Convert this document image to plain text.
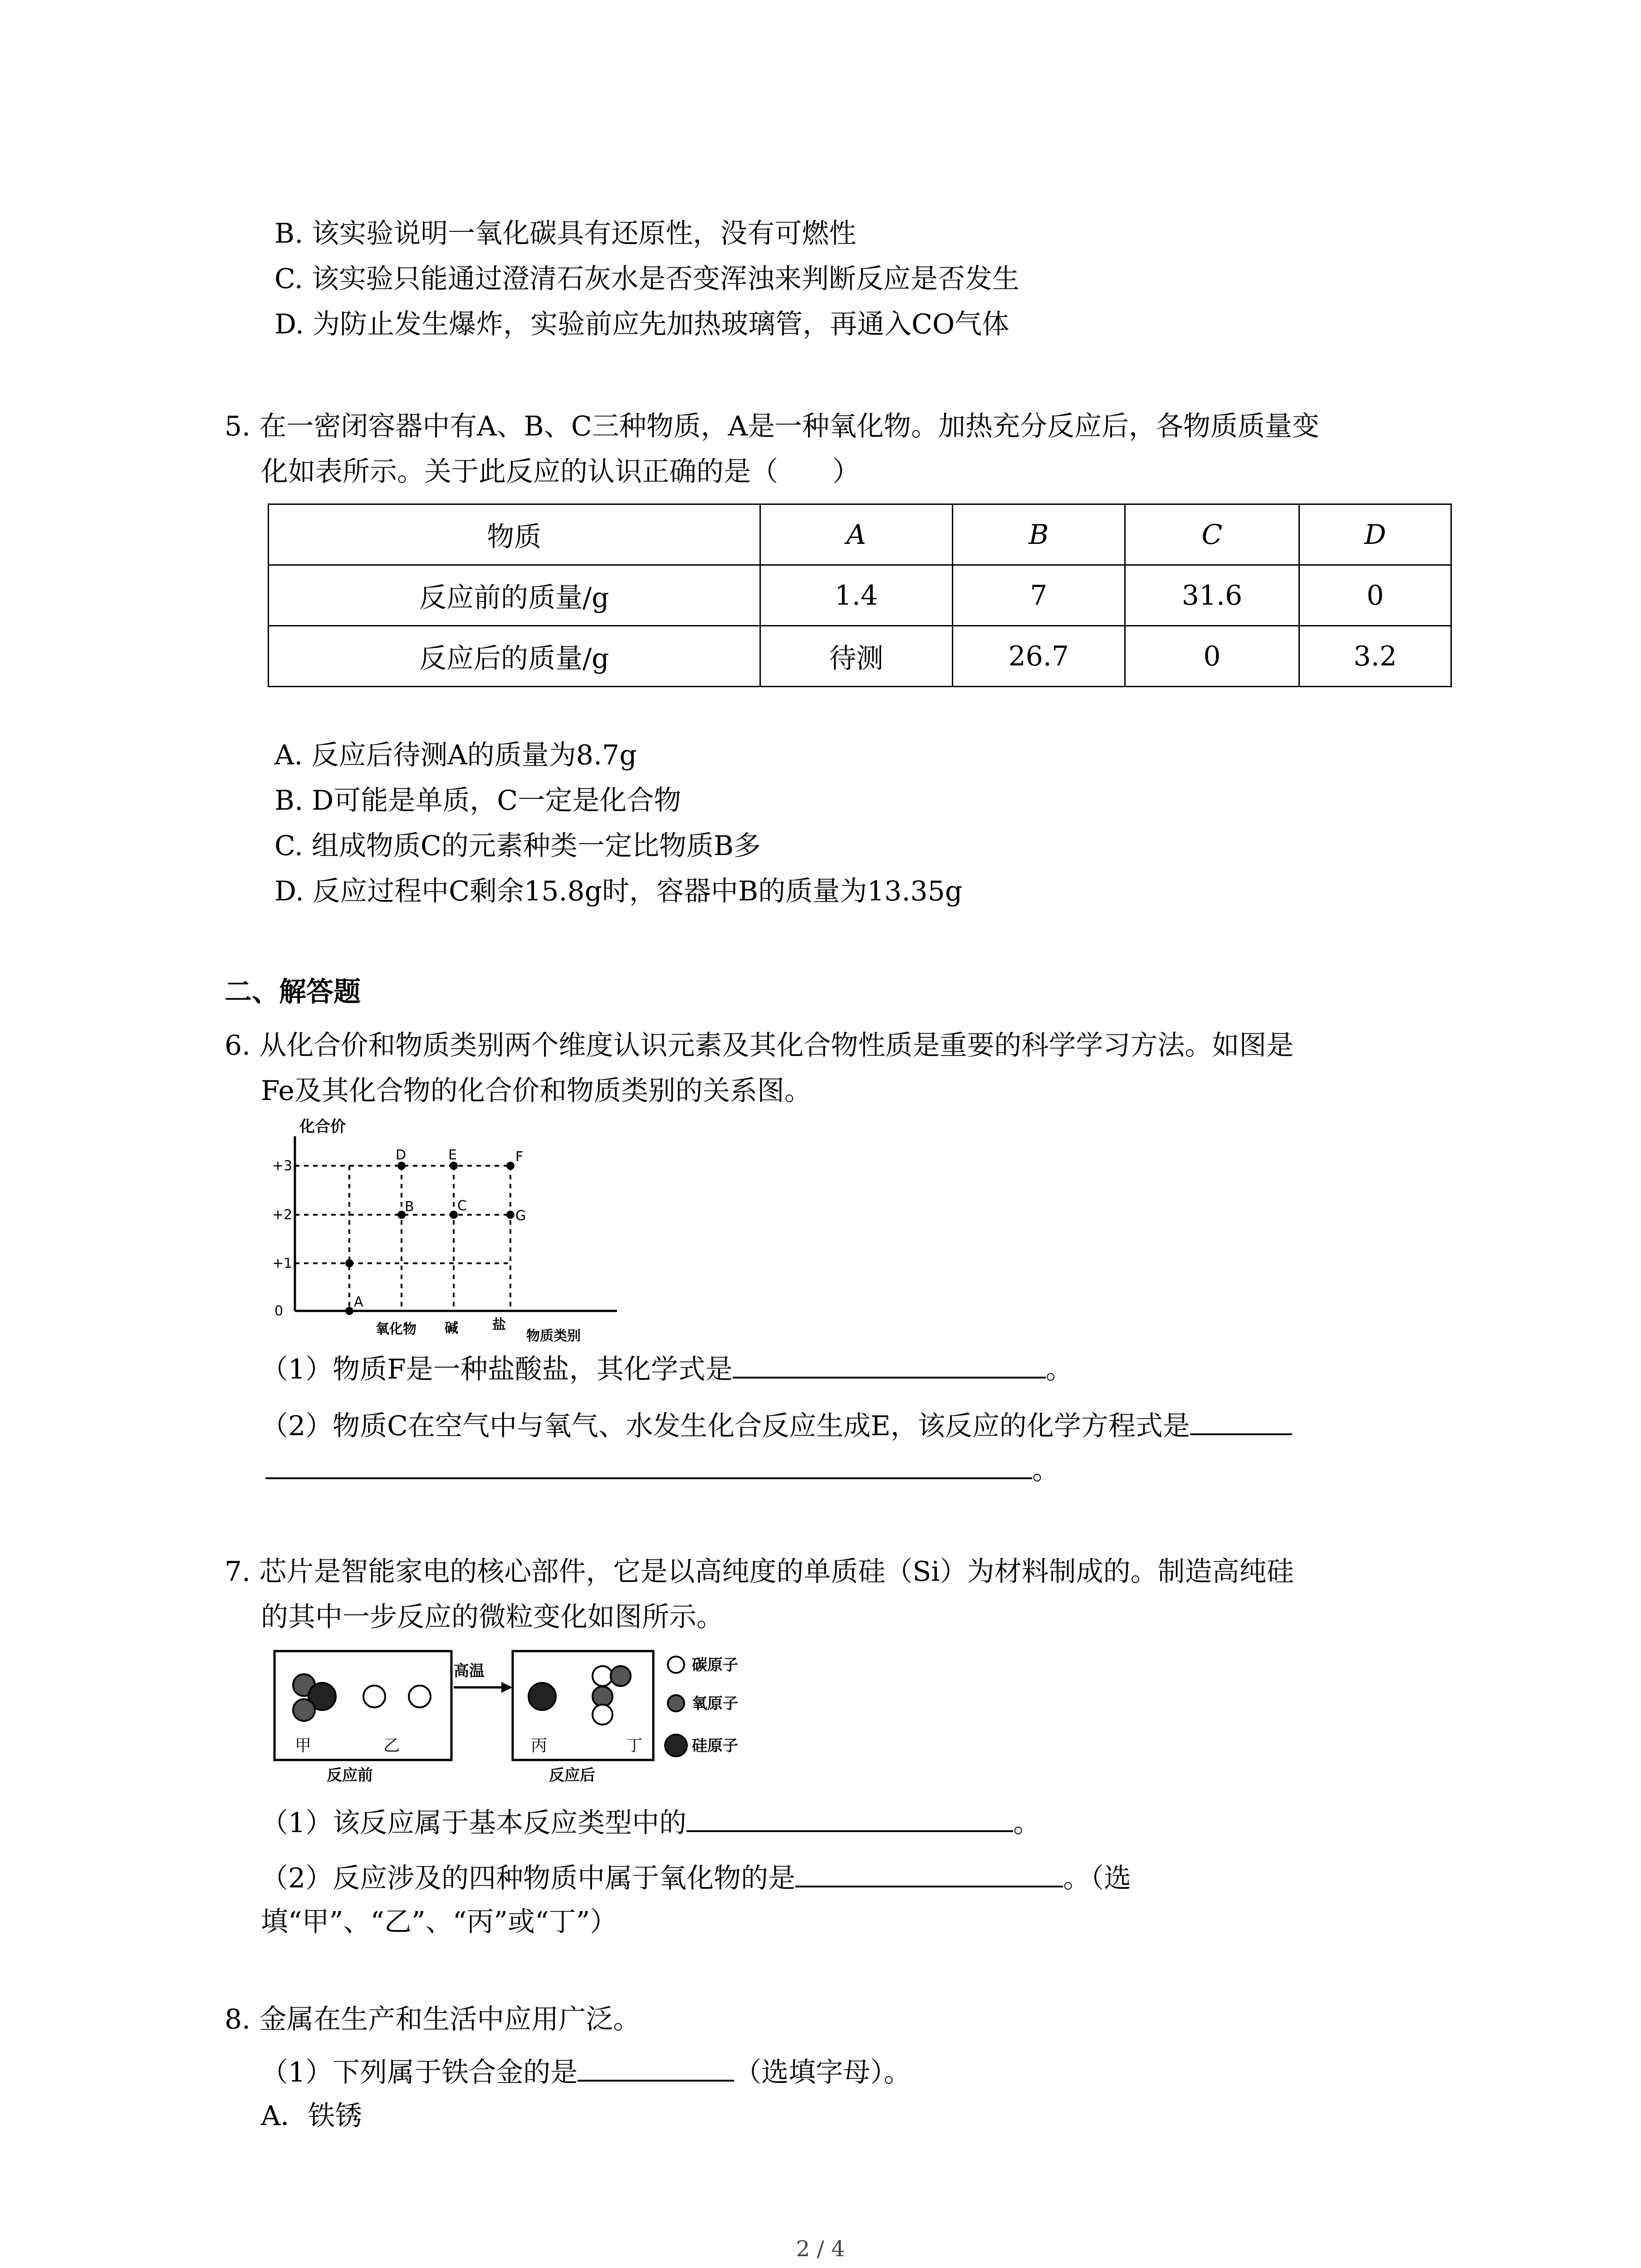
B. 该实验说明一氧化碳具有还原性，没有可燃性
C. 该实验只能通过澄清石灰水是否变浑浊来判断反应是否发生
D. 为防止发生爆炸，实验前应先加热玻璃管，再通入CO气体
5. 在一密闭容器中有A、B、C三种物质，A是一种氧化物。加热充分反应后，各物质质量变
化如表所示。关于此反应的认识正确的是（　　）
物质	A	B	C	D
反应前的质量/g	1.4	7	31.6	0
反应后的质量/g	待测	26.7	0	3.2
A. 反应后待测A的质量为8.7g
B. D可能是单质，C一定是化合物
C. 组成物质C的元素种类一定比物质B多
D. 反应过程中C剩余15.8g时，容器中B的质量为13.35g
二、解答题
6. 从化合价和物质类别两个维度认识元素及其化合物性质是重要的科学学习方法。如图是
Fe及其化合物的化合价和物质类别的关系图。
化合价
+3
+2
+1
0
A
B	C
D	E	F
G
氧化物 碱	盐
物质类别
（1）物质F是一种盐酸盐，其化学式是	。
（2）物质C在空气中与氧气、水发生化合反应生成E，该反应的化学方程式是
。
7. 芯片是智能家电的核心部件，它是以高纯度的单质硅（Si）为材料制成的。制造高纯硅
的其中一步反应的微粒变化如图所示。
甲	乙
反应前
高温
丙	丁
反应后
碳原子
氧原子
硅原子
（1）该反应属于基本反应类型中的	。
（2）反应涉及的四种物质中属于氧化物的是	。（选
填“甲”、“乙”、“丙”或“丁”）
8. 金属在生产和生活中应用广泛。
（1）下列属于铁合金的是	（选填字母）。
A．铁锈
2 / 4
